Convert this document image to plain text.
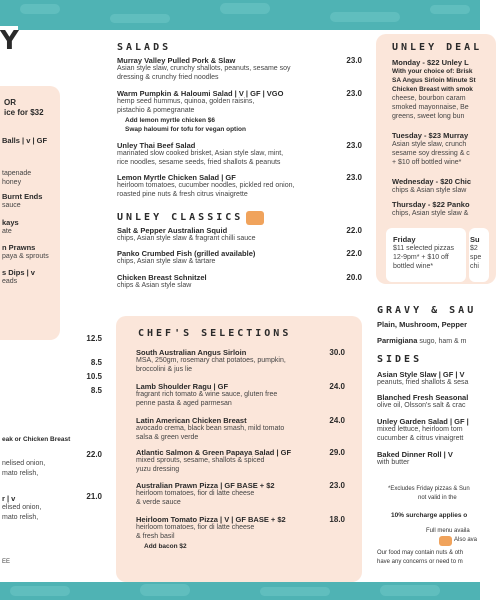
Y
OR
ice for $32
Balls | v | GF
tapenade
honey
Burnt Ends
sauce
kays
ate
n Prawns
paya & sprouts
s Dips | v
eads
12.5
8.5
10.5
8.5
eak or Chicken Breast
nelised onion,
mato relish,
r | v
elised onion,
mato relish,
EE
22.0
21.0
SALADS
Murray Valley Pulled Pork & Slaw
Asian style slaw, crunchy shallots, peanuts, sesame soy
dressing & crunchy fried noodles
23.0
Warm Pumpkin & Haloumi Salad | V | GF | VGO
hemp seed hummus, quinoa, golden raisins,
pistachio & pomegranate
Add lemon myrtle chicken $6
Swap haloumi for tofu for vegan option
23.0
Unley Thai Beef Salad
marinated slow cooked brisket, Asian style slaw, mint,
rice noodles, sesame seeds, fried shallots & peanuts
23.0
Lemon Myrtle Chicken Salad | GF
heirloom tomatoes, cucumber noodles, pickled red onion,
roasted pine nuts & fresh citrus vinaigrette
23.0
UNLEY CLASSICS
Salt & Pepper Australian Squid
chips, Asian style slaw & fragrant chilli sauce
22.0
Panko Crumbed Fish (grilled available)
chips, Asian style slaw & tartare
22.0
Chicken Breast Schnitzel
chips & Asian style slaw
20.0
CHEF'S SELECTIONS
South Australian Angus Sirloin
MSA, 250gm, rosemary chat potatoes, pumpkin,
broccolini & jus lie
30.0
Lamb Shoulder Ragu | GF
fragrant rich tomato & wine sauce, gluten free
penne pasta & aged parmesan
24.0
Latin American Chicken Breast
avocado crema, black bean smash, mild tomato
salsa & green verde
24.0
Atlantic Salmon & Green Papaya Salad | GF
mixed sprouts, sesame, shallots & spiced
yuzu dressing
29.0
Australian Prawn Pizza | GF BASE + $2
heirloom tomatoes, fior di latte cheese
& verde sauce
23.0
Heirloom Tomato Pizza | V | GF BASE + $2
heirloom tomatoes, fior di latte cheese
& fresh basil
Add bacon $2
18.0
UNLEY DEAL
Monday - $22 Unley L
With your choice of: Brisk
SA Angus Sirloin Minute St
Chicken Breast with smok
cheese, bourbon caram
smoked mayonnaise, Be
greens, sweet long bun
Tuesday - $23 Murray
Asian style slaw, crunch
sesame soy dressing & c
+ $10 off bottled wine*
Wednesday - $20 Chic
chips & Asian style slaw
Thursday - $22 Panko
chips, Asian style slaw &
Friday
$11 selected pizzas
12-9pm* + $10 off
bottled wine*
Su
$2
spe
chi
GRAVY & SAU
Plain, Mushroom, Pepper
Parmigiana sugo, ham & m
SIDES
Asian Style Slaw | GF | V
peanuts, fried shallots & sesa
Blanched Fresh Seasonal
olive oil, Olsson's salt & crac
Unley Garden Salad | GF |
mixed lettuce, heirloom tom
cucumber & citrus vinaigrett
Baked Dinner Roll | V
with butter
*Excludes Friday pizzas & Sun
not valid in the
10% surcharge applies o
Full menu availa
Also ava
Our food may contain nuts & oth
have any concerns or need to m
